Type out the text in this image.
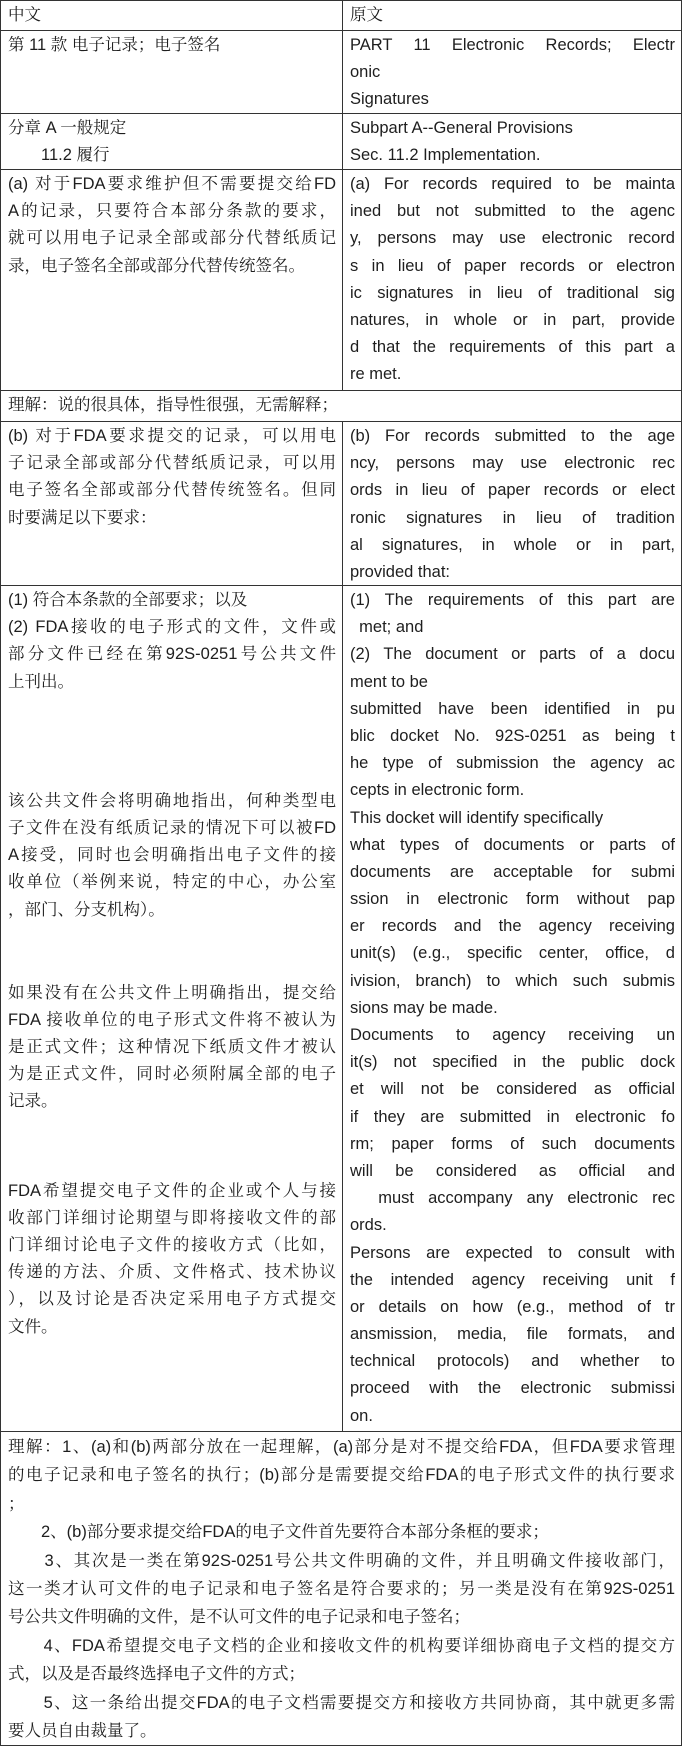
中文	原文
第 11 款 电子记录；电子签名	PART 11 Electronic Records; Electr
onic
Signatures
分章 A 一般规定
　　11.2 履行
Subpart A--General Provisions
Sec. 11.2 Implementation.
(a) 对于FDA要求维护但不需要提交给FD
A的记录，只要符合本部分条款的要求，
就可以用电子记录全部或部分代替纸质记
录，电子签名全部或部分代替传统签名。
(a) For records required to be mainta
ined but not submitted to the agenc
y, persons may use electronic record
s in lieu of paper records or electron
ic signatures in lieu of traditional sig
natures, in whole or in part, provide
d that the requirements of this part a
re met.
理解：说的很具体，指导性很强，无需解释；
(b) 对于FDA要求提交的记录，可以用电
子记录全部或部分代替纸质记录，可以用
电子签名全部或部分代替传统签名。但同
时要满足以下要求：
(b) For records submitted to the age
ncy, persons may use electronic rec
ords in lieu of paper records or elect
ronic signatures in lieu of tradition
al signatures, in whole or in part,
provided that:
(1) 符合本条款的全部要求；以及
(2) FDA接收的电子形式的文件，文件或
部分文件已经在第92S-0251号公共文件
上刊出。
该公共文件会将明确地指出，何种类型电
子文件在没有纸质记录的情况下可以被FD
A接受，同时也会明确指出电子文件的接
收单位（举例来说，特定的中心，办公室
，部门、分支机构）。
如果没有在公共文件上明确指出，提交给
FDA 接收单位的电子形式文件将不被认为
是正式文件；这种情况下纸质文件才被认
为是正式文件，同时必须附属全部的电子
记录。
FDA希望提交电子文件的企业或个人与接
收部门详细讨论期望与即将接收文件的部
门详细讨论电子文件的接收方式（比如，
传递的方法、介质、文件格式、技术协议
），以及讨论是否决定采用电子方式提交
文件。
(1) The requirements of this part are
met; and
(2) The document or parts of a docu
ment to be
submitted have been identified in pu
blic docket No. 92S-0251 as being t
he type of submission the agency ac
cepts in electronic form.
This docket will identify specifically
what types of documents or parts of
documents are acceptable for submi
ssion in electronic form without pap
er records and the agency receiving
unit(s) (e.g., specific center, office, d
ivision, branch) to which such submis
sions may be made.
Documents to agency receiving un
it(s) not specified in the public dock
et will not be considered as official
if they are submitted in electronic fo
rm; paper forms of such documents
will be considered as official and
must accompany any electronic rec
ords.
Persons are expected to consult with
the intended agency receiving unit f
or details on how (e.g., method of tr
ansmission, media, file formats, and
technical protocols) and whether to
proceed with the electronic submissi
on.
理解：1、(a)和(b)两部分放在一起理解，(a)部分是对不提交给FDA，但FDA要求管理
的电子记录和电子签名的执行；(b)部分是需要提交给FDA的电子形式文件的执行要求
；
　　2、(b)部分要求提交给FDA的电子文件首先要符合本部分条框的要求；
　　3、其次是一类在第92S-0251号公共文件明确的文件，并且明确文件接收部门，
这一类才认可文件的电子记录和电子签名是符合要求的；另一类是没有在第92S-0251
号公共文件明确的文件，是不认可文件的电子记录和电子签名；
　　4、FDA希望提交电子文档的企业和接收文件的机构要详细协商电子文档的提交方
式，以及是否最终选择电子文件的方式；
　　5、这一条给出提交FDA的电子文档需要提交方和接收方共同协商，其中就更多需
要人员自由裁量了。
